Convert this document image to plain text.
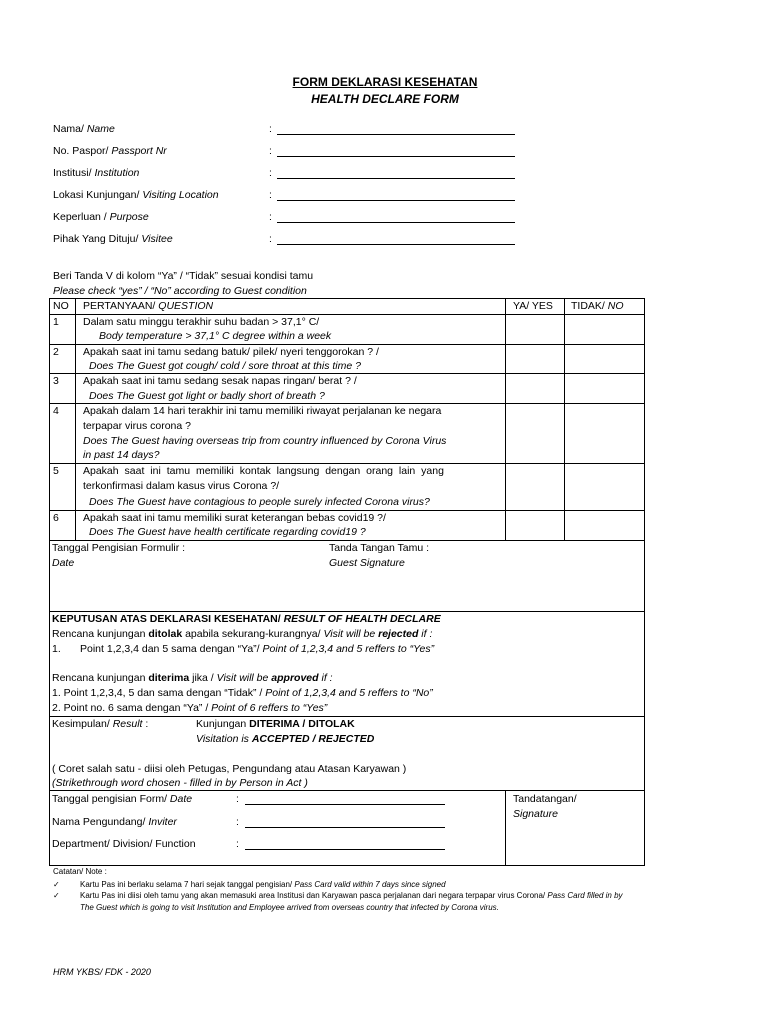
FORM DEKLARASI KESEHATAN
HEALTH DECLARE FORM
Nama/ Name	:
No. Paspor/ Passport Nr	:
Institusi/ Institution	:
Lokasi Kunjungan/ Visiting Location	:
Keperluan / Purpose	:
Pihak Yang Dituju/ Visitee	:
Beri Tanda V di kolom “Ya” / “Tidak” sesuai kondisi tamu
Please check “yes” / “No” according to Guest condition
NO PERTANYAAN/ QUESTION	YA/ YES TIDAK/ NO
1 Dalam satu minggu terakhir suhu badan > 37,1° C/
Body temperature > 37,1° C degree within a week
2 Apakah saat ini tamu sedang batuk/ pilek/ nyeri tenggorokan ? /
Does The Guest got cough/ cold / sore throat at this time ?
3 Apakah saat ini tamu sedang sesak napas ringan/ berat ? /
Does The Guest got light or badly short of breath ?
4 Apakah dalam 14 hari terakhir ini tamu memiliki riwayat perjalanan ke negara
terpapar virus corona ?
Does The Guest having overseas trip from country influenced by Corona Virus
in past 14 days?
5 Apakah saat ini tamu memiliki kontak langsung dengan orang lain yang
terkonfirmasi dalam kasus virus Corona ?/
Does The Guest have contagious to people surely infected Corona virus?
6 Apakah saat ini tamu memiliki surat keterangan bebas covid19 ?/
Does The Guest have health certificate regarding covid19 ?
Tanggal Pengisian Formulir :
Date
Tanda Tangan Tamu :
Guest Signature
KEPUTUSAN ATAS DEKLARASI KESEHATAN/ RESULT OF HEALTH DECLARE
Rencana kunjungan ditolak apabila sekurang-kurangnya/ Visit will be rejected if :
1. Point 1,2,3,4 dan 5 sama dengan “Ya”/ Point of 1,2,3,4 and 5 reffers to “Yes”
Rencana kunjungan diterima jika / Visit will be approved if :
1. Point 1,2,3,4, 5 dan sama dengan “Tidak” / Point of 1,2,3,4 and 5 reffers to “No”
2. Point no. 6 sama dengan “Ya” / Point of 6 reffers to “Yes”
Kesimpulan/ Result :	Kunjungan DITERIMA / DITOLAK
Visitation is ACCEPTED / REJECTED
( Coret salah satu - diisi oleh Petugas, Pengundang atau Atasan Karyawan )
(Strikethrough word chosen - filled in by Person in Act )
Tanggal pengisian Form/ Date	:
Nama Pengundang/ Inviter	:
Department/ Division/ Function	:
Tandatangan/
Signature
Catatan/ Note :
✓	Kartu Pas ini berlaku selama 7 hari sejak tanggal pengisian/ Pass Card valid within 7 days since signed
✓	Kartu Pas ini diisi oleh tamu yang akan memasuki area Institusi dan Karyawan pasca perjalanan dari negara terpapar virus Corona/ Pass Card filled in by
The Guest which is going to visit Institution and Employee arrived from overseas country that infected by Corona virus.
HRM YKBS/ FDK - 2020
